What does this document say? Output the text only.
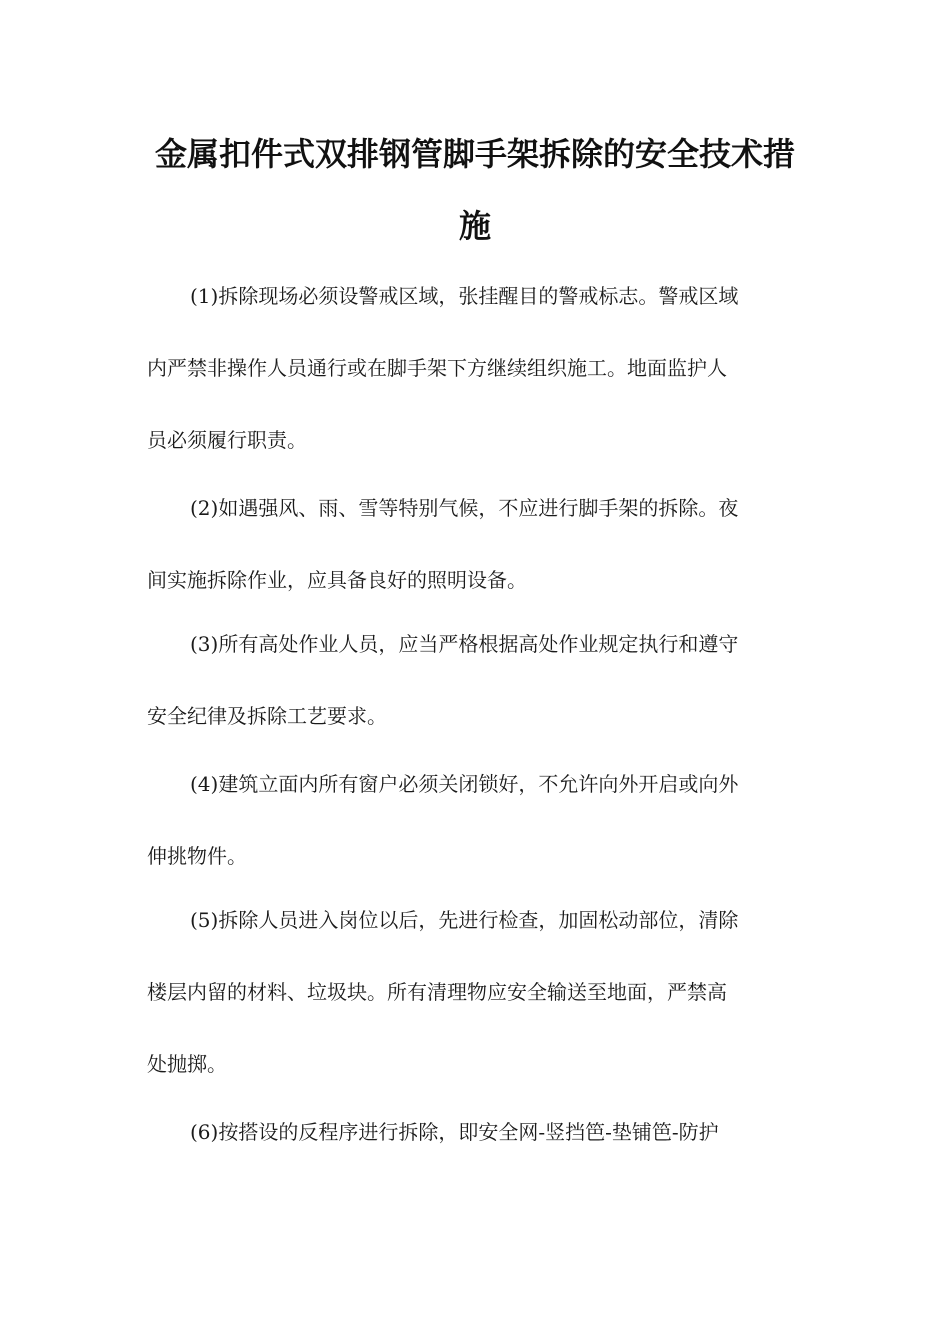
金属扣件式双排钢管脚手架拆除的安全技术措
施
(1)拆除现场必须设警戒区域，张挂醒目的警戒标志。警戒区域
内严禁非操作人员通行或在脚手架下方继续组织施工。地面监护人
员必须履行职责。
(2)如遇强风、雨、雪等特别气候，不应进行脚手架的拆除。夜
间实施拆除作业，应具备良好的照明设备。
(3)所有高处作业人员，应当严格根据高处作业规定执行和遵守
安全纪律及拆除工艺要求。
(4)建筑立面内所有窗户必须关闭锁好，不允许向外开启或向外
伸挑物件。
(5)拆除人员进入岗位以后，先进行检查，加固松动部位，清除
楼层内留的材料、垃圾块。所有清理物应安全输送至地面，严禁高
处抛掷。
(6)按搭设的反程序进行拆除，即安全网-竖挡笆-垫铺笆-防护
